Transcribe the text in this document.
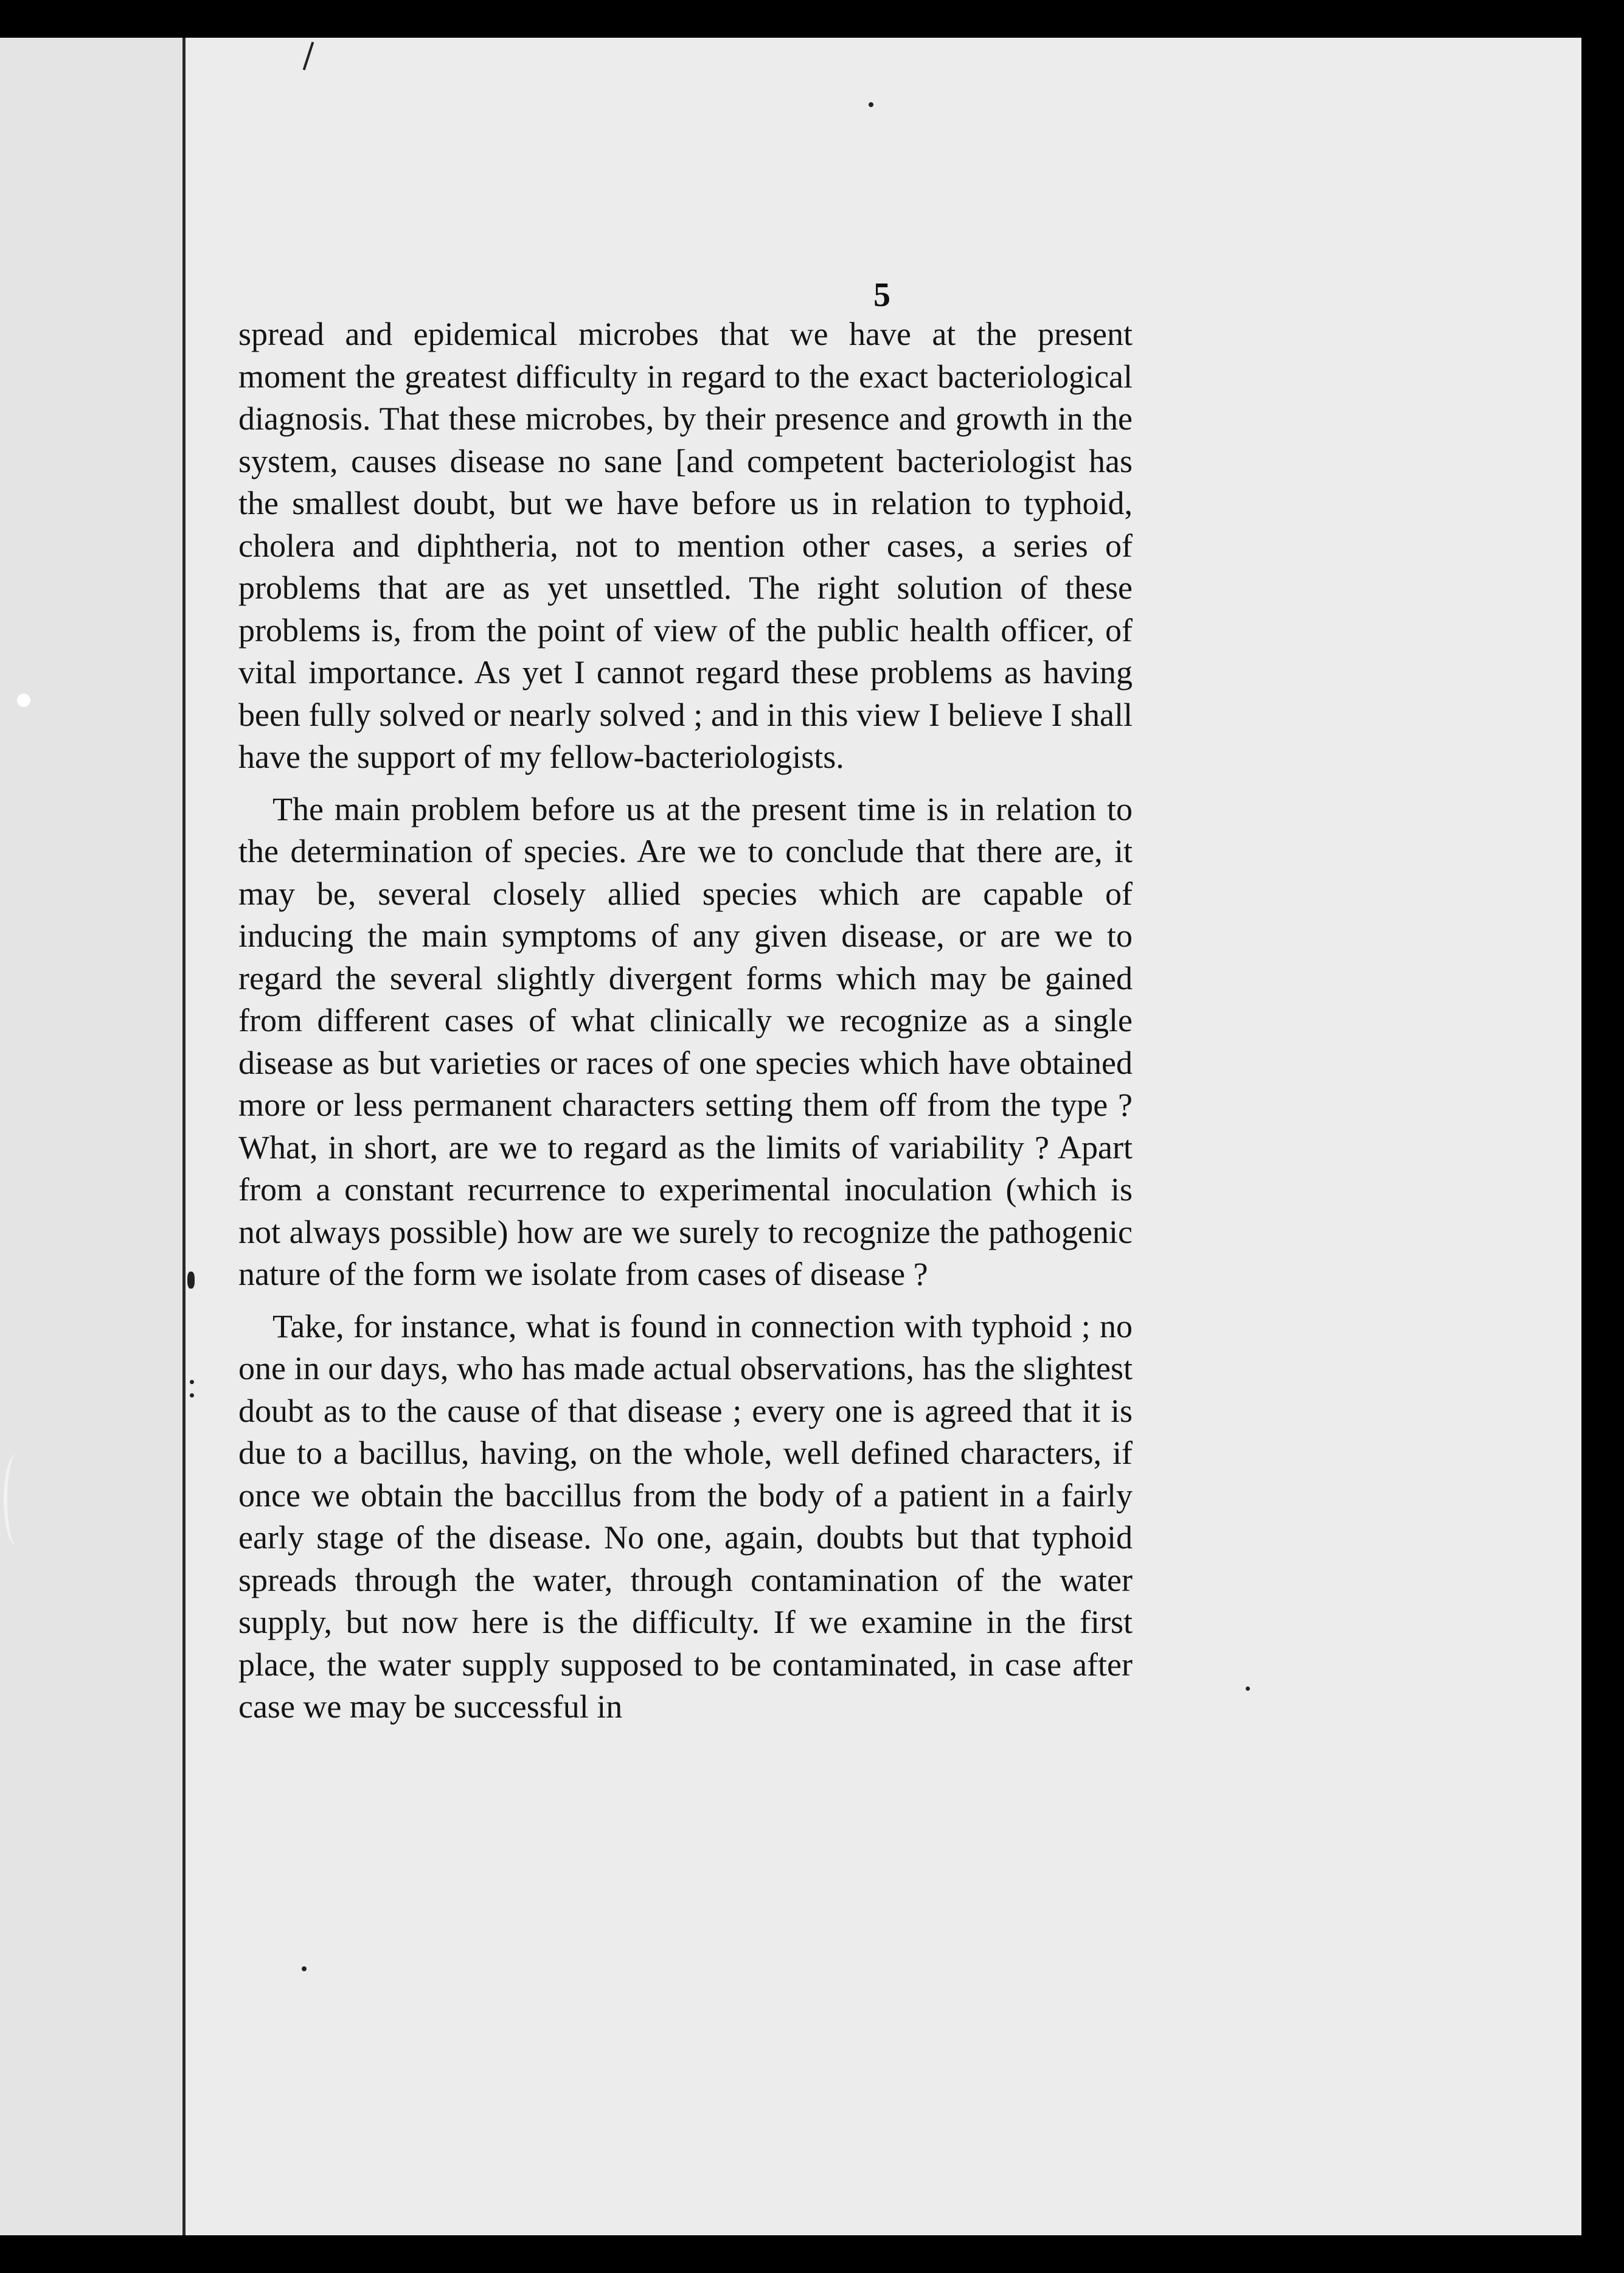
5

spread and epidemical microbes that we have at the present moment the greatest difficulty in regard to the exact bacteriological diagnosis. That these microbes, by their presence and growth in the system, causes disease no sane [and competent bacteriologist has the smallest doubt, but we have before us in relation to typhoid, cholera and diphtheria, not to mention other cases, a series of problems that are as yet unsettled. The right solution of these problems is, from the point of view of the public health officer, of vital importance. As yet I cannot regard these problems as having been fully solved or nearly solved ; and in this view I believe I shall have the support of my fellow-bacteriologists.

The main problem before us at the present time is in relation to the determination of species. Are we to conclude that there are, it may be, several closely allied species which are capable of inducing the main symptoms of any given disease, or are we to regard the several slightly divergent forms which may be gained from different cases of what clinically we recognize as a single disease as but varieties or races of one species which have obtained more or less permanent characters setting them off from the type ? What, in short, are we to regard as the limits of variability ? Apart from a constant recurrence to experimental inoculation (which is not always possible) how are we surely to recognize the pathogenic nature of the form we isolate from cases of disease ?

Take, for instance, what is found in connection with typhoid ; no one in our days, who has made actual observations, has the slightest doubt as to the cause of that disease ; every one is agreed that it is due to a bacillus, having, on the whole, well defined characters, if once we obtain the baccillus from the body of a patient in a fairly early stage of the disease. No one, again, doubts but that typhoid spreads through the water, through contamination of the water supply, but now here is the difficulty. If we examine in the first place, the water supply supposed to be contaminated, in case after case we may be successful in
